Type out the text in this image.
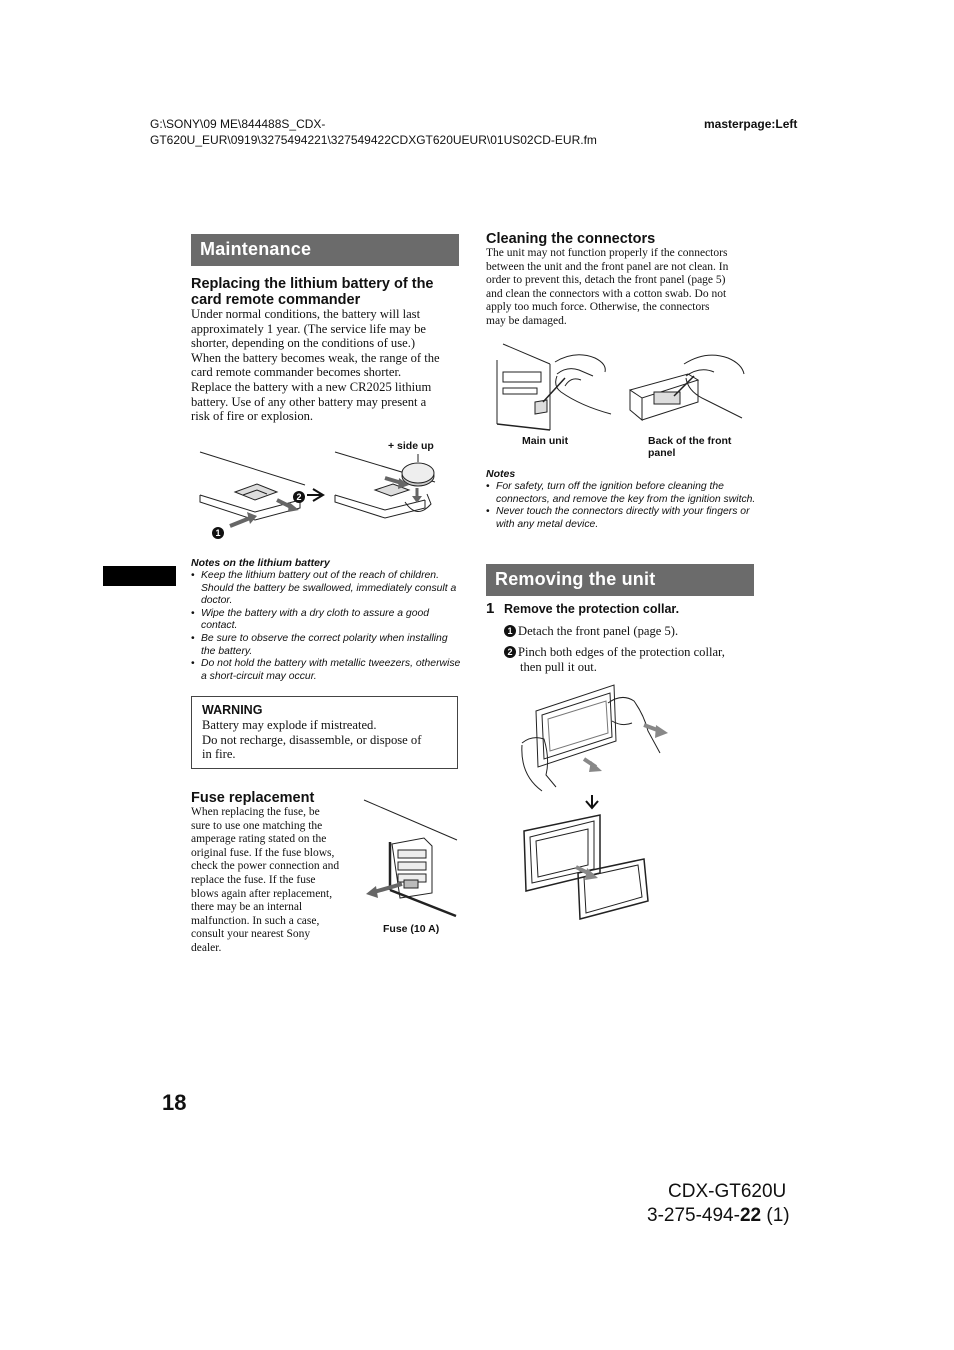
G:\SONY\09 ME\844488S_CDX-
GT620U_EUR\0919\3275494221\327549422CDXGT620UEUR\01US02CD-EUR.fm
masterpage:Left
Maintenance
Replacing the lithium battery of the
card remote commander
Under normal conditions, the battery will last
approximately 1 year. (The service life may be
shorter, depending on the conditions of use.)
When the battery becomes weak, the range of the
card remote commander becomes shorter.
Replace the battery with a new CR2025 lithium
battery. Use of any other battery may present a
risk of fire or explosion.
+ side up
2
1
Notes on the lithium battery
• Keep the lithium battery out of the reach of children. Should the battery be swallowed, immediately consult a doctor.
• Wipe the battery with a dry cloth to assure a good contact.
• Be sure to observe the correct polarity when installing the battery.
• Do not hold the battery with metallic tweezers, otherwise a short-circuit may occur.
WARNING
Battery may explode if mistreated.
Do not recharge, disassemble, or dispose of
in fire.
Fuse replacement
When replacing the fuse, be
sure to use one matching the
amperage rating stated on the
original fuse. If the fuse blows,
check the power connection and
replace the fuse. If the fuse
blows again after replacement,
there may be an internal
malfunction. In such a case,
consult your nearest Sony
dealer.
Fuse (10 A)
Cleaning the connectors
The unit may not function properly if the connectors
between the unit and the front panel are not clean. In
order to prevent this, detach the front panel (page 5)
and clean the connectors with a cotton swab. Do not
apply too much force. Otherwise, the connectors
may be damaged.
Main unit	Back of the front
panel
Notes
• For safety, turn off the ignition before cleaning the connectors, and remove the key from the ignition switch.
• Never touch the connectors directly with your fingers or with any metal device.
Removing the unit
1 Remove the protection collar.
1 Detach the front panel (page 5).
2 Pinch both edges of the protection collar,
then pull it out.
18
CDX-GT620U
3-275-494-22 (1)
